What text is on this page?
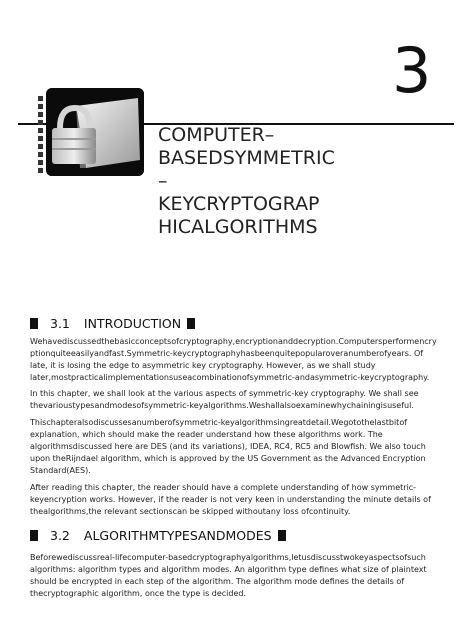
3
COMPUTER–
BASEDSYMMETRIC
–
KEYCRYPTOGRAP
HICALGORITHMS
3.1 INTRODUCTION
Wehavediscussedthebasicconceptsofcryptography,encryptionanddecryption.Computersperformencry
ptionquiteeasilyandfast.Symmetric-keycryptographyhasbeenquitepopularoveranumberofyears. Of
late, it is losing the edge to asymmetric key cryptography. However, as we shall study
later,mostpracticalimplementationsuseacombinationofsymmetric-andasymmetric-keycryptography.
In this chapter, we shall look at the various aspects of symmetric-key cryptography. We shall see
thevarioustypesandmodesofsymmetric-keyalgorithms.Weshallalsoexaminewhychainingisuseful.
Thischapteralsodiscussesanumberofsymmetric-keyalgorithmsingreatdetail.Wegotothelastbitof
explanation, which should make the reader understand how these algorithms work. The
algorithmsdiscussed here are DES (and its variations), IDEA, RC4, RC5 and Blowfish. We also touch
upon theRijndael algorithm, which is approved by the US Government as the Advanced Encryption
Standard(AES).
After reading this chapter, the reader should have a complete understanding of how symmetric-
keyencryption works. However, if the reader is not very keen in understanding the minute details of
thealgorithms,the relevant sectionscan be skipped withoutany loss ofcontinuity.
3.2 ALGORITHMTYPESANDMODES
Beforewediscussreal-lifecomputer-basedcryptographyalgorithms,letusdiscusstwokeyaspectsofsuch
algorithms: algorithm types and algorithm modes. An algorithm type defines what size of plaintext
should be encrypted in each step of the algorithm. The algorithm mode defines the details of
thecryptographic algorithm, once the type is decided.
